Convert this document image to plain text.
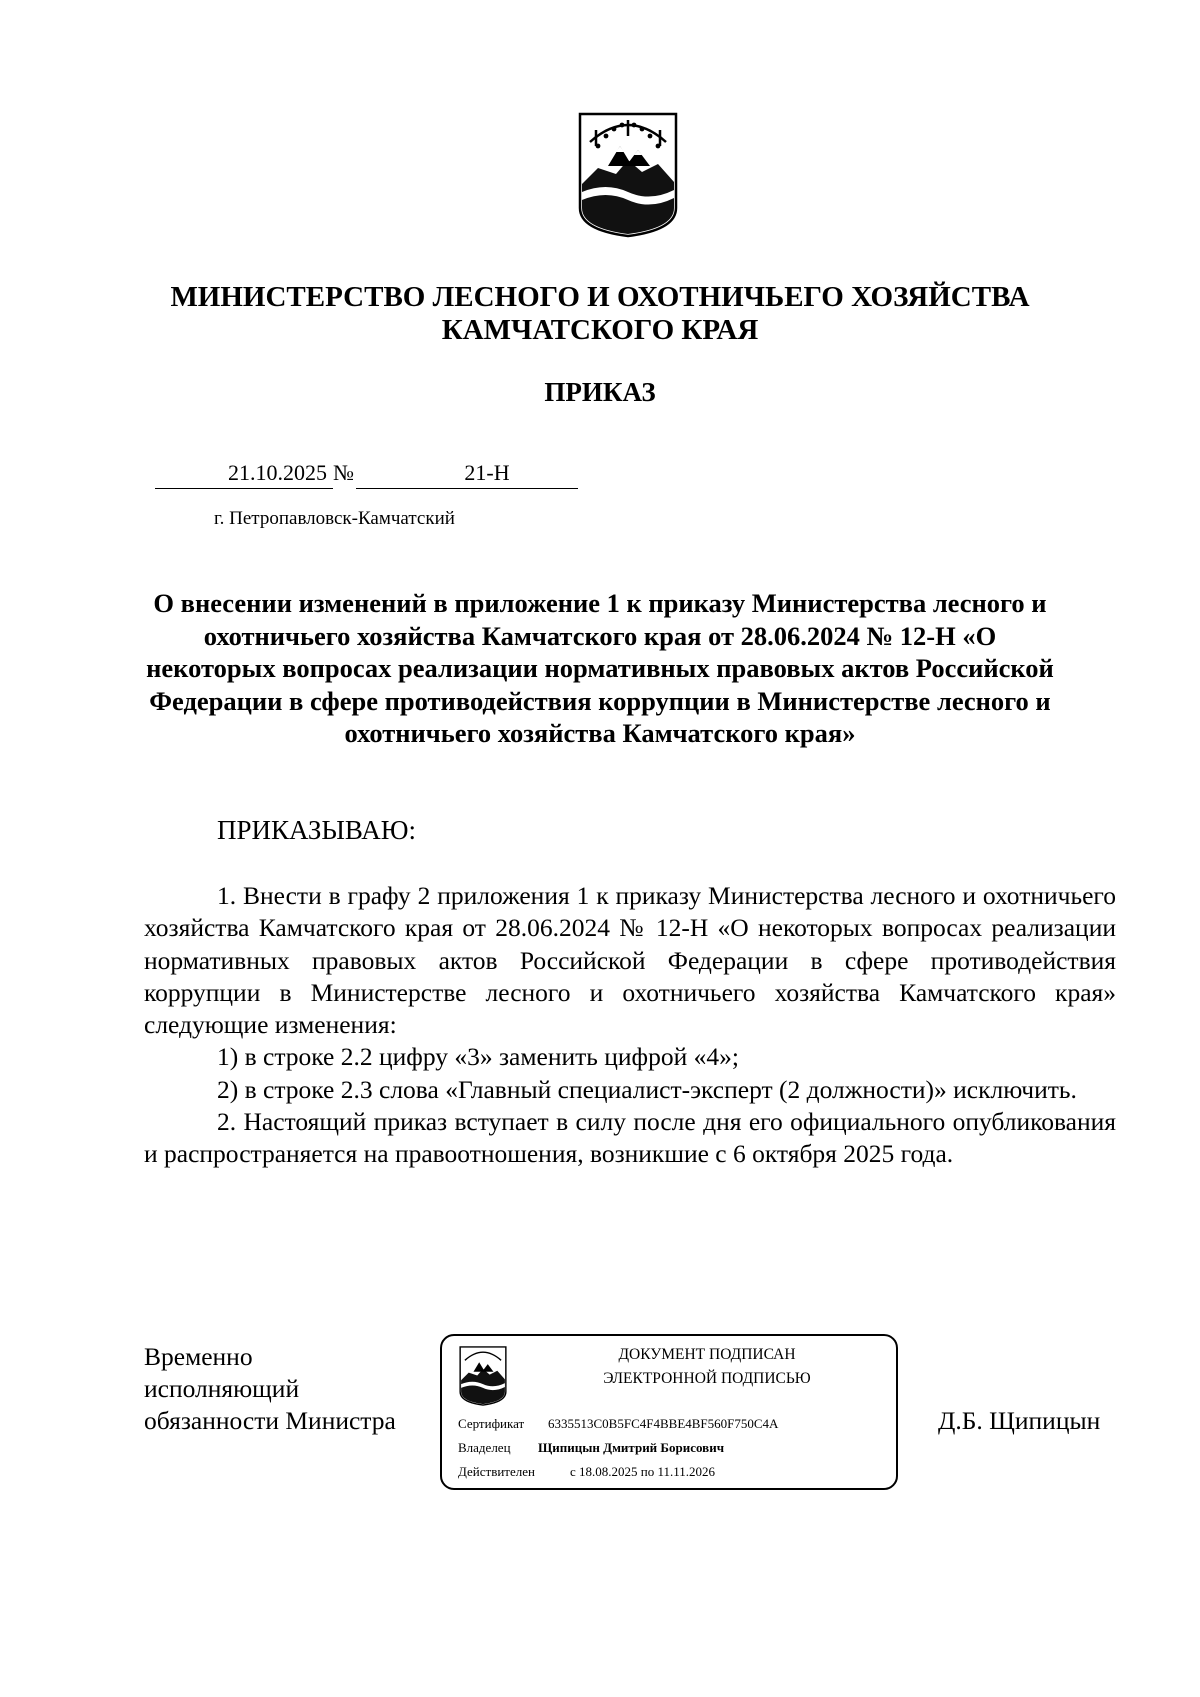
МИНИСТЕРСТВО ЛЕСНОГО И ОХОТНИЧЬЕГО ХОЗЯЙСТВА
КАМЧАТСКОГО КРАЯ
ПРИКАЗ
21.10.2025 №	21-Н
г. Петропавловск-Камчатский
О внесении изменений в приложение 1 к приказу Министерства лесного и охотничьего хозяйства Камчатского края от 28.06.2024 № 12-Н «О некоторых вопросах реализации нормативных правовых актов Российской Федерации в сфере противодействия коррупции в Министерстве лесного и охотничьего хозяйства Камчатского края»
ПРИКАЗЫВАЮ:
1. Внести в графу 2 приложения 1 к приказу Министерства лесного и охотничьего хозяйства Камчатского края от 28.06.2024 № 12-Н «О некоторых вопросах реализации нормативных правовых актов Российской Федерации в сфере противодействия коррупции в Министерстве лесного и охотничьего хозяйства Камчатского края» следующие изменения:
1) в строке 2.2 цифру «3» заменить цифрой «4»;
2) в строке 2.3 слова «Главный специалист-эксперт (2 должности)» исключить.
2. Настоящий приказ вступает в силу после дня его официального опубликования и распространяется на правоотношения, возникшие с 6 октября 2025 года.
Временно
исполняющий
обязанности Министра
ДОКУМЕНТ ПОДПИСАН
ЭЛЕКТРОННОЙ ПОДПИСЬЮ
Сертификат 6335513C0B5FC4F4BBE4BF560F750C4A
Владелец Щипицын Дмитрий Борисович
Действителен	с 18.08.2025 по 11.11.2026
Д.Б. Щипицын
